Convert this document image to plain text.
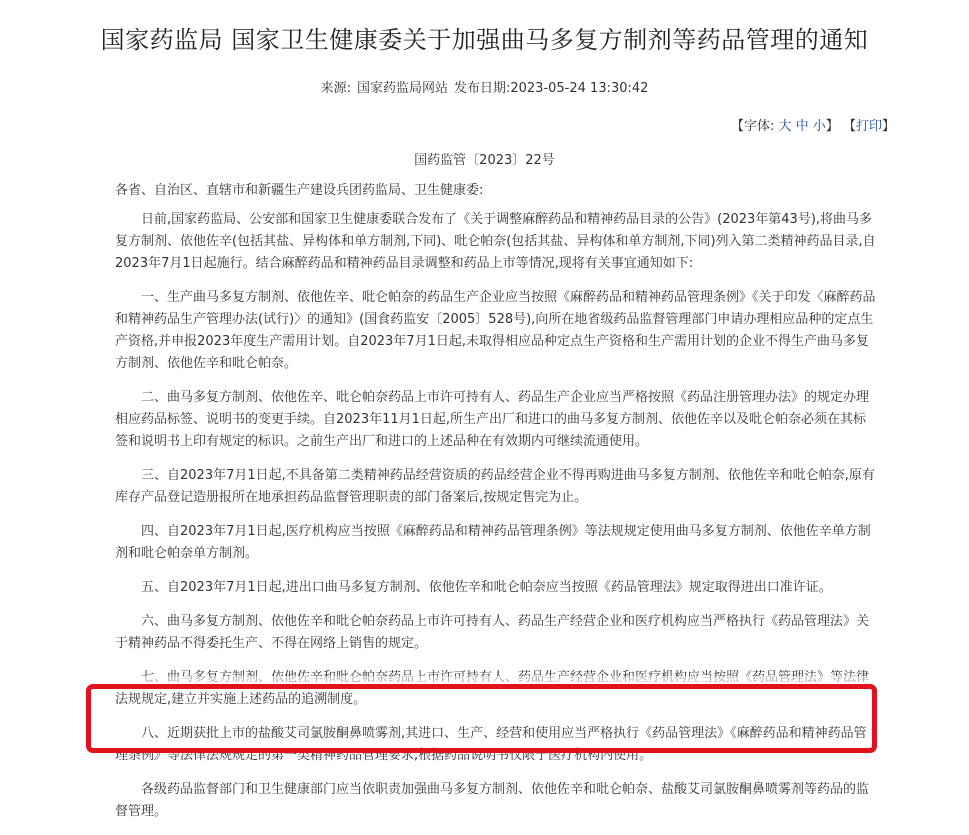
国家药监局 国家卫生健康委关于加强曲马多复方制剂等药品管理的通知
来源: 国家药监局网站 发布日期:2023-05-24 13:30:42
【字体: 大 中 小】 【打印】
国药监管〔2023〕22号

各省、自治区、直辖市和新疆生产建设兵团药监局、卫生健康委:

日前,国家药监局、公安部和国家卫生健康委联合发布了《关于调整麻醉药品和精神药品目录的公告》(2023年第43号),将曲马多复方制剂、依他佐辛(包括其盐、异构体和单方制剂,下同)、吡仑帕奈(包括其盐、异构体和单方制剂,下同)列入第二类精神药品目录,自2023年7月1日起施行。结合麻醉药品和精神药品目录调整和药品上市等情况,现将有关事宜通知如下:

一、生产曲马多复方制剂、依他佐辛、吡仑帕奈的药品生产企业应当按照《麻醉药品和精神药品管理条例》《关于印发〈麻醉药品和精神药品生产管理办法(试行)〉的通知》(国食药监安〔2005〕528号),向所在地省级药品监督管理部门申请办理相应品种的定点生产资格,并申报2023年度生产需用计划。自2023年7月1日起,未取得相应品种定点生产资格和生产需用计划的企业不得生产曲马多复方制剂、依他佐辛和吡仑帕奈。

二、曲马多复方制剂、依他佐辛、吡仑帕奈药品上市许可持有人、药品生产企业应当严格按照《药品注册管理办法》的规定办理相应药品标签、说明书的变更手续。自2023年11月1日起,所生产出厂和进口的曲马多复方制剂、依他佐辛以及吡仑帕奈必须在其标签和说明书上印有规定的标识。之前生产出厂和进口的上述品种在有效期内可继续流通使用。

三、自2023年7月1日起,不具备第二类精神药品经营资质的药品经营企业不得再购进曲马多复方制剂、依他佐辛和吡仑帕奈,原有库存产品登记造册报所在地承担药品监督管理职责的部门备案后,按规定售完为止。

四、自2023年7月1日起,医疗机构应当按照《麻醉药品和精神药品管理条例》等法规规定使用曲马多复方制剂、依他佐辛单方制剂和吡仑帕奈单方制剂。

五、自2023年7月1日起,进出口曲马多复方制剂、依他佐辛和吡仑帕奈应当按照《药品管理法》规定取得进出口准许证。

六、曲马多复方制剂、依他佐辛和吡仑帕奈药品上市许可持有人、药品生产经营企业和医疗机构应当严格执行《药品管理法》关于精神药品不得委托生产、不得在网络上销售的规定。

法规规定,建立并实施上述药品的追溯制度。

八、近期获批上市的盐酸艾司氯胺酮鼻喷雾剂,其进口、生产、经营和使用应当严格执行《药品管理法》《麻醉药品和精神药品管理条例》等法律法规规定的第一类精神药品管理要求,根据药品说明书仅限于医疗机构内使用。

各级药品监督部门和卫生健康部门应当依职责加强曲马多复方制剂、依他佐辛和吡仑帕奈、盐酸艾司氯胺酮鼻喷雾剂等药品的监督管理。
